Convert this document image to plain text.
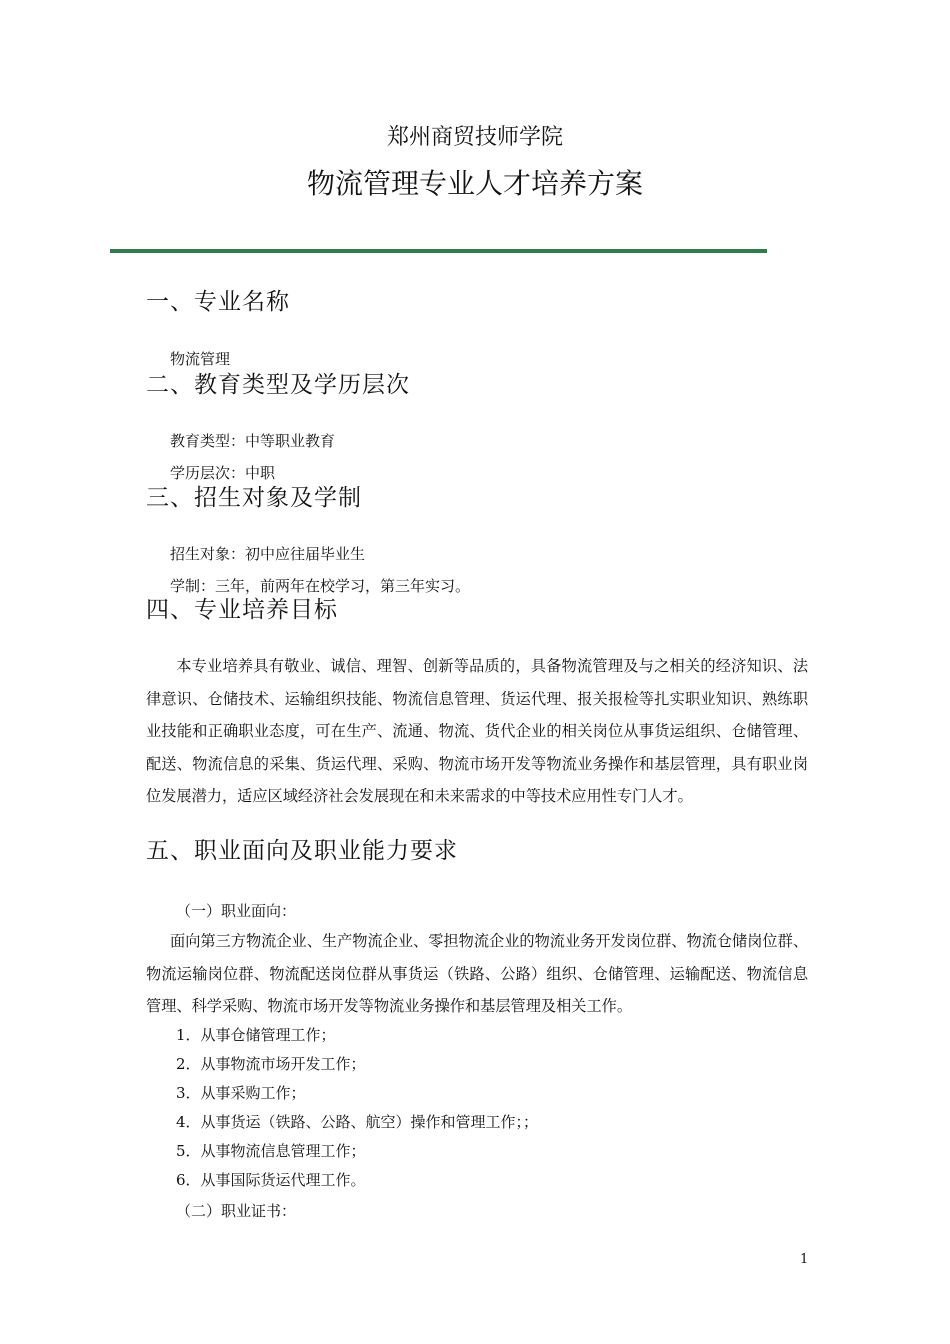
郑州商贸技师学院
物流管理专业人才培养方案
一、专业名称
物流管理
二、教育类型及学历层次
教育类型：中等职业教育
学历层次：中职
三、招生对象及学制
招生对象：初中应往届毕业生
学制：三年，前两年在校学习，第三年实习。
四、专业培养目标
本专业培养具有敬业、诚信、理智、创新等品质的，具备物流管理及与之相关的经济知识、法律意识、仓储技术、运输组织技能、物流信息管理、货运代理、报关报检等扎实职业知识、熟练职业技能和正确职业态度，可在生产、流通、物流、货代企业的相关岗位从事货运组织、仓储管理、配送、物流信息的采集、货运代理、采购、物流市场开发等物流业务操作和基层管理，具有职业岗位发展潜力，适应区域经济社会发展现在和未来需求的中等技术应用性专门人才。
五、职业面向及职业能力要求
（一）职业面向：
面向第三方物流企业、生产物流企业、零担物流企业的物流业务开发岗位群、物流仓储岗位群、物流运输岗位群、物流配送岗位群从事货运（铁路、公路）组织、仓储管理、运输配送、物流信息管理、科学采购、物流市场开发等物流业务操作和基层管理及相关工作。
1．从事仓储管理工作；
2．从事物流市场开发工作；
3．从事采购工作；
4．从事货运（铁路、公路、航空）操作和管理工作；；
5．从事物流信息管理工作；
6．从事国际货运代理工作。
（二）职业证书：
1
